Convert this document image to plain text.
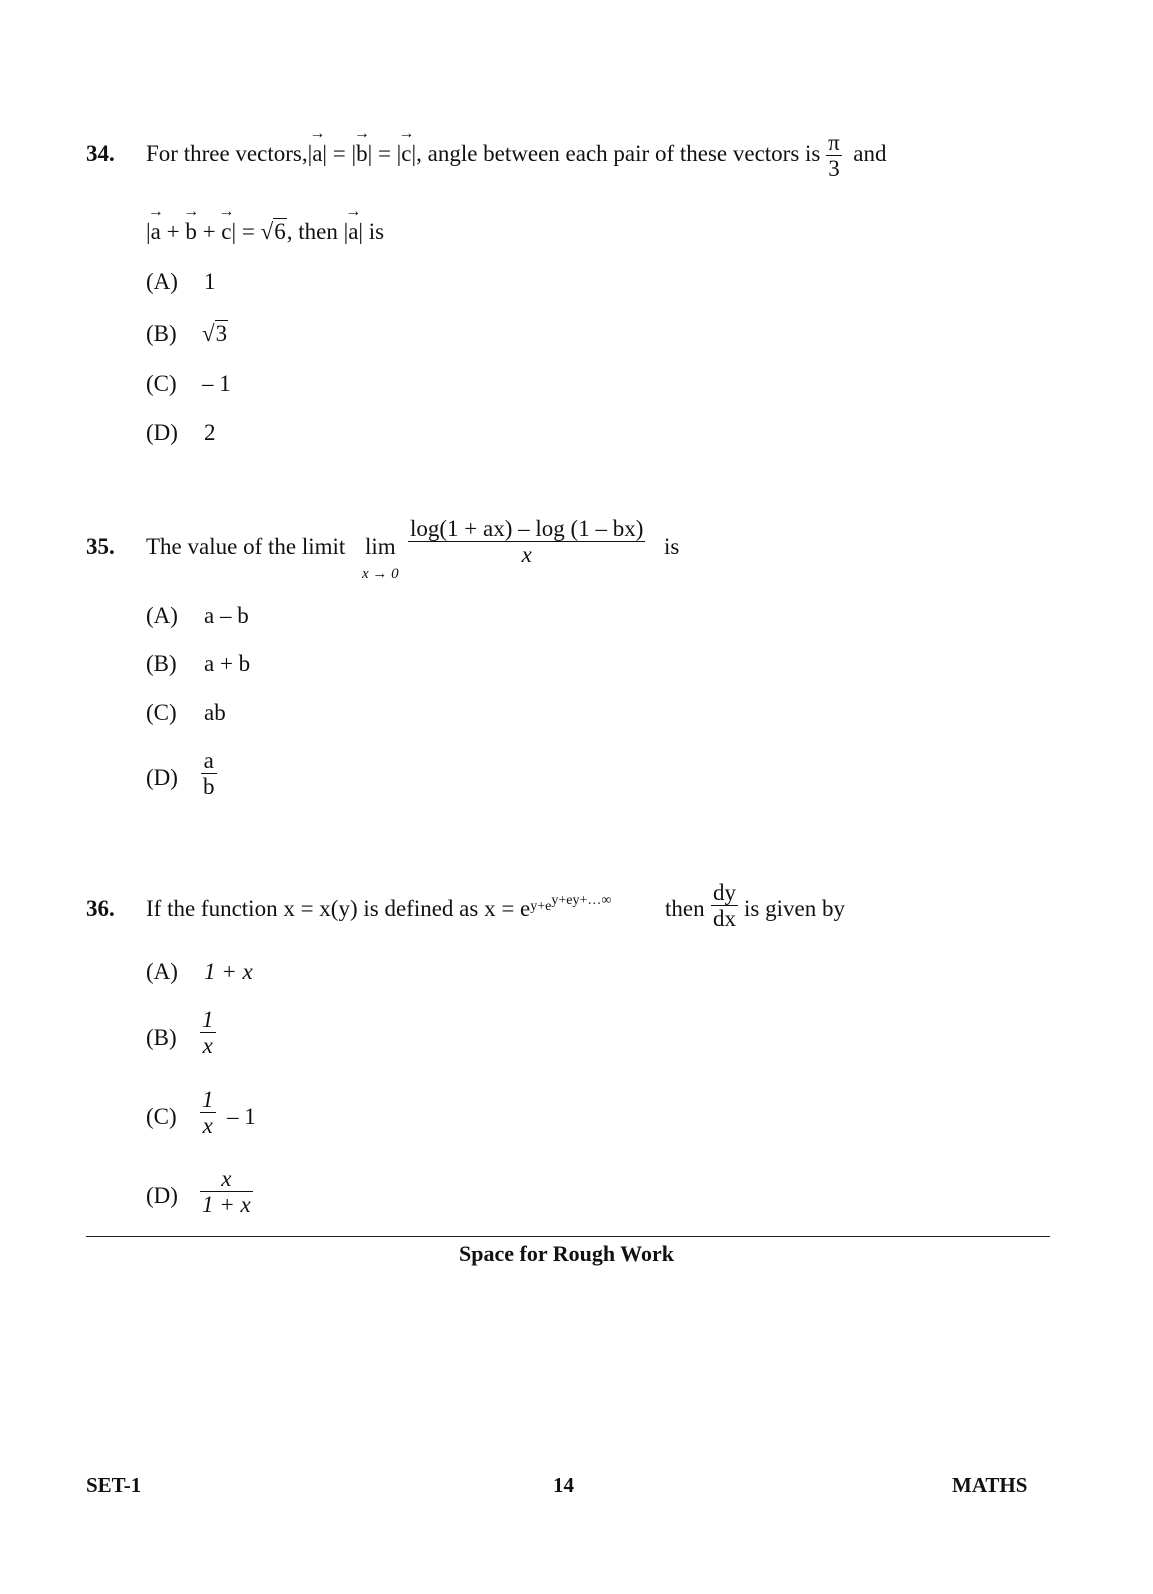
34. For three vectors,|→ a| = |→ b| = |→ c|, angle between each pair of these vectors is $\frac{\pi}{3}$ and
|→ a + → b + → c| = √6, then |→ a| is
(A) 1
(B) √3
(C) – 1
(D) 2
35. The value of the limit lim
x → 0
$\frac{\log(1 + ax) - \log (1 - bx)}{x}$ is
(A) a – b
(B) a + b
(C) ab
$(D) \frac{a}{b}$
36. If the function x = x(y) is defined as $x = e^{y+ey+ey+\dots\infty}$ then $\frac{dy}{dx}$ is given by
(A) 1 + x
$(B) \frac{1}{x}$
$(C) \frac{1}{x} - 1$
$(D) \frac{x}{1 + x}$
Space for Rough Work
SET-1	14	MATHS
